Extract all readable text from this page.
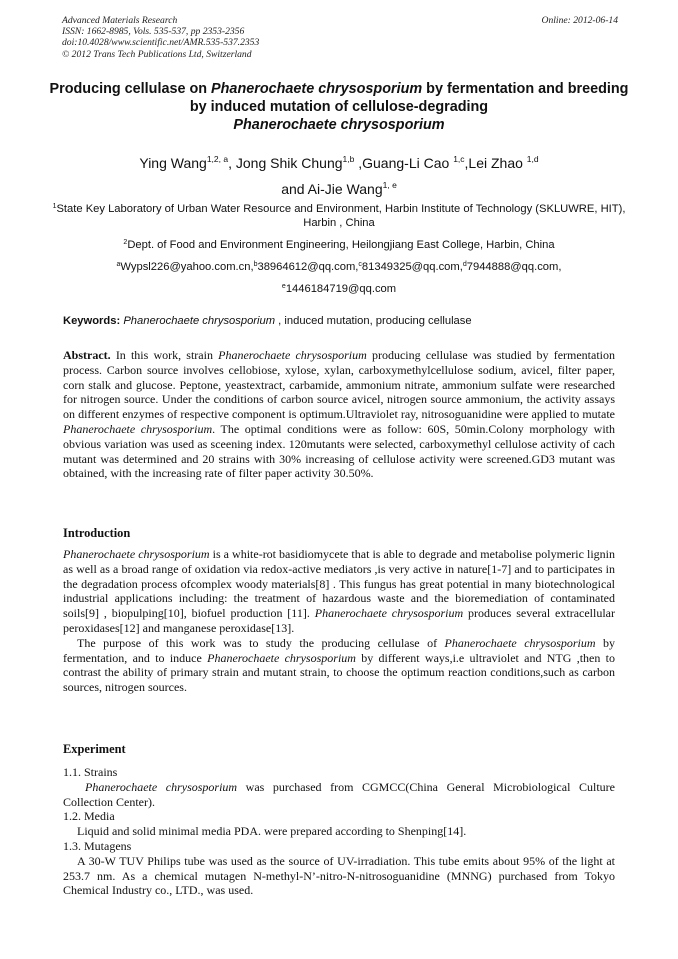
Advanced Materials Research
ISSN: 1662-8985, Vols. 535-537, pp 2353-2356
doi:10.4028/www.scientific.net/AMR.535-537.2353
© 2012 Trans Tech Publications Ltd, Switzerland
Online: 2012-06-14
Producing cellulase on Phanerochaete chrysosporium by fermentation and breeding by induced mutation of cellulose-degrading
Phanerochaete chrysosporium
Ying Wang$^{1,2, a}$, Jong Shik Chung$^{1,b}$ ,Guang-Li Cao $^{1,c}$,Lei Zhao $^{1,d}$
and Ai-Jie Wang$^{1, e}$
$^1$State Key Laboratory of Urban Water Resource and Environment, Harbin Institute of Technology (SKLUWRE, HIT), Harbin , China
$^2$Dept. of Food and Environment Engineering, Heilongjiang East College, Harbin, China
$^a$Wypsl226@yahoo.com.cn,$^b$38964612@qq.com,$^c$81349325@qq.com,$^d$7944888@qq.com,
$^e$1446184719@qq.com
Keywords: Phanerochaete chrysosporium , induced mutation, producing cellulase

Abstract. In this work, strain Phanerochaete chrysosporium producing cellulase was studied by fermentation process. Carbon source involves cellobiose, xylose, xylan, carboxymethylcellulose sodium, avicel, filter paper, corn stalk and glucose. Peptone, yeastextract, carbamide, ammonium nitrate, ammonium sulfate were researched for nitrogen source. Under the conditions of carbon source avicel, nitrogen source ammonium, the activity assays on different enzymes of respective component is optimum.Ultraviolet ray, nitrosoguanidine were applied to mutate Phanerochaete chrysosporium. The optimal conditions were as follow: 60S, 50min.Colony morphology with obvious variation was used as sceening index. 120mutants were selected, carboxymethyl cellulose activity of cach mutant was determined and 20 strains with 30% increasing of cellulose activity were screened.GD3 mutant was obtained, with the increasing rate of filter paper activity 30.50%.

Introduction

Phanerochaete chrysosporium is a white-rot basidiomycete that is able to degrade and metabolise polymeric lignin as well as a broad range of oxidation via redox-active mediators ,is very active in nature[1-7] and to participates in the degradation process ofcomplex woody materials[8] . This fungus has great potential in many biotechnological industrial applications including: the treatment of hazardous waste and the bioremediation of contaminated soils[9] , biopulping[10], biofuel production [11]. Phanerochaete chrysosporium produces several extracellular peroxidases[12] and manganese peroxidase[13].

The purpose of this work was to study the producing cellulase of Phanerochaete chrysosporium by fermentation, and to induce Phanerochaete chrysosporium by different ways,i.e ultraviolet and NTG ,then to contrast the ability of primary strain and mutant strain, to choose the optimum reaction conditions,such as carbon sources, nitrogen sources.

Experiment

1.1. Strains

Phanerochaete chrysosporium was purchased from CGMCC(China General Microbiological Culture Collection Center).

1.2. Media

Liquid and solid minimal media PDA. were prepared according to Shenping[14].

1.3. Mutagens

A 30-W TUV Philips tube was used as the source of UV-irradiation. This tube emits about 95% of the light at 253.7 nm. As a chemical mutagen N-methyl-N’-nitro-N-nitrosoguanidine (MNNG) purchased from Tokyo Chemical Industry co., LTD., was used.
